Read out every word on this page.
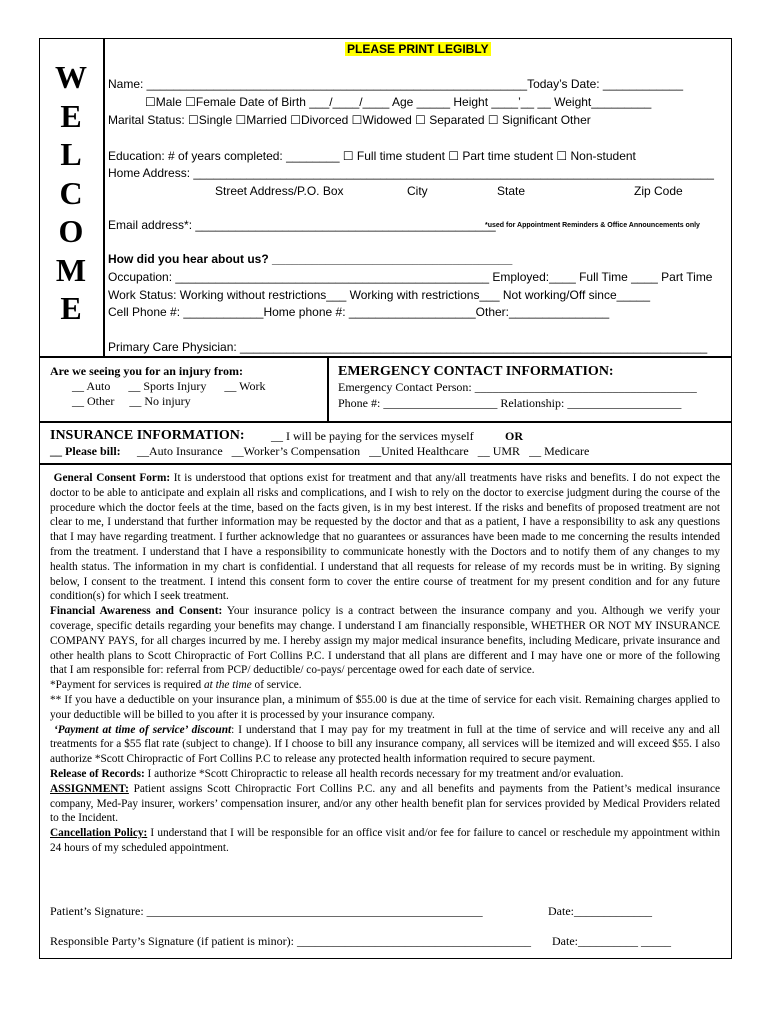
PLEASE PRINT LEGIBLY
W
E
L
C
O
M
E
Name: _________________________________________________________Today’s Date: ____________
☐Male ☐Female Date of Birth ___/____/____ Age _____ Height ____’__ __ Weight_________
Marital Status: ☐Single ☐Married ☐Divorced ☐Widowed ☐ Separated ☐ Significant Other
Education: # of years completed: ________ ☐ Full time student ☐ Part time student ☐ Non-student
Home Address: ______________________________________________________________________________
Street Address/P.O. Box	City	State	Zip Code
Email address*: _____________________________________________
*used for Appointment Reminders & Office Announcements only
How did you hear about us? ____________________________________
Occupation: _______________________________________________ Employed:____ Full Time ____ Part Time
Work Status: Working without restrictions___ Working with restrictions___ Not working/Off since_____
Cell Phone #: ____________Home phone #: ___________________Other:_______________
Primary Care Physician: ______________________________________________________________________
Are we seeing you for an injury from:
__ Auto      __ Sports Injury      __ Work
__ Other     __ No injury
EMERGENCY CONTACT INFORMATION:
Emergency Contact Person: _____________________________________
Phone #: ___________________ Relationship: ___________________
INSURANCE INFORMATION: __ I will be paying for the services myself	OR
__ Please bill: __Auto Insurance   __Worker’s Compensation   __United Healthcare   __ UMR   __ Medicare

General Consent Form: It is understood that options exist for treatment and that any/all treatments have risks and benefits. I do not expect the doctor to be able to anticipate and explain all risks and complications, and I wish to rely on the doctor to exercise judgment during the course of the procedure which the doctor feels at the time, based on the facts given, is in my best interest. If the risks and benefits of proposed treatment are not clear to me, I understand that further information may be requested by the doctor and that as a patient, I have a responsibility to ask any questions that I may have regarding treatment. I further acknowledge that no guarantees or assurances have been made to me concerning the results intended from the treatment. I understand that I have a responsibility to communicate honestly with the Doctors and to notify them of any changes to my health status. The information in my chart is confidential. I understand that all requests for release of my records must be in writing. By signing below, I consent to the treatment. I intend this consent form to cover the entire course of treatment for my present condition and for any future condition(s) for which I seek treatment.

Financial Awareness and Consent: Your insurance policy is a contract between the insurance company and you. Although we verify your coverage, specific details regarding your benefits may change. I understand I am financially responsible, WHETHER OR NOT MY INSURANCE COMPANY PAYS, for all charges incurred by me. I hereby assign my major medical insurance benefits, including Medicare, private insurance and other health plans to Scott Chiropractic of Fort Collins P.C. I understand that all plans are different and I may have one or more of the following that I am responsible for: referral from PCP/ deductible/ co-pays/ percentage owed for each date of service.

*Payment for services is required at the time of service.

** If you have a deductible on your insurance plan, a minimum of $55.00 is due at the time of service for each visit. Remaining charges applied to your deductible will be billed to you after it is processed by your insurance company.

‘Payment at time of service’ discount: I understand that I may pay for my treatment in full at the time of service and will receive any and all treatments for a $55 flat rate (subject to change). If I choose to bill any insurance company, all services will be itemized and will exceed $55. I also authorize *Scott Chiropractic of Fort Collins P.C to release any protected health information required to secure payment.

Release of Records: I authorize *Scott Chiropractic to release all health records necessary for my treatment and/or evaluation.

ASSIGNMENT: Patient assigns Scott Chiropractic Fort Collins P.C. any and all benefits and payments from the Patient’s medical insurance company, Med-Pay insurer, workers’ compensation insurer, and/or any other health benefit plan for services provided by Medical Providers related to the Incident.

Cancellation Policy: I understand that I will be responsible for an office visit and/or fee for failure to cancel or reschedule my appointment within 24 hours of my scheduled appointment.

Patient’s Signature: ________________________________________________________	Date:_____________
Responsible Party’s Signature (if patient is minor): _______________________________________ Date:__________ _____
